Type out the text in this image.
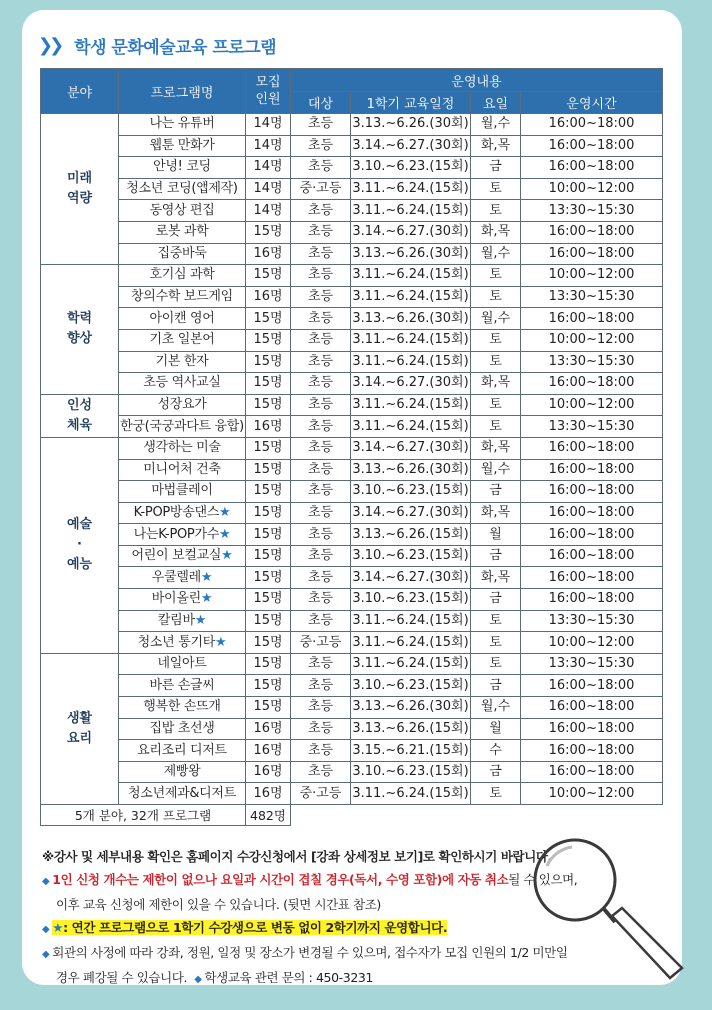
❯❯ 학생 문화예술교육 프로그램
분야	프로그램명	모집
인원	운영내용			
			대상	1학기 교육일정	요일	운영시간
미래
역량	나는 유튜버	14명	초등	3.13.~6.26.(30회)	월,수	16:00~18:00
	웹툰 만화가	14명	초등	3.14.~6.27.(30회)	화,목	16:00~18:00
	안녕! 코딩	14명	초등	3.10.~6.23.(15회)	금	16:00~18:00
	청소년 코딩(앱제작)	14명	중·고등	3.11.~6.24.(15회)	토	10:00~12:00
	동영상 편집	14명	초등	3.11.~6.24.(15회)	토	13:30~15:30
	로봇 과학	15명	초등	3.14.~6.27.(30회)	화,목	16:00~18:00
	집중바둑	16명	초등	3.13.~6.26.(30회)	월,수	16:00~18:00
학력
향상	호기심 과학	15명	초등	3.11.~6.24.(15회)	토	10:00~12:00
	창의수학 보드게임	16명	초등	3.11.~6.24.(15회)	토	13:30~15:30
	아이캔 영어	15명	초등	3.13.~6.26.(30회)	월,수	16:00~18:00
	기초 일본어	15명	초등	3.11.~6.24.(15회)	토	10:00~12:00
	기본 한자	15명	초등	3.11.~6.24.(15회)	토	13:30~15:30
	초등 역사교실	15명	초등	3.14.~6.27.(30회)	화,목	16:00~18:00
인성
체육	성장요가	15명	초등	3.11.~6.24.(15회)	토	10:00~12:00
	한궁(국궁과다트 융합)	16명	초등	3.11.~6.24.(15회)	토	13:30~15:30
예술
·
예능	생각하는 미술	15명	초등	3.14.~6.27.(30회)	화,목	16:00~18:00
	미니어처 건축	15명	초등	3.13.~6.26.(30회)	월,수	16:00~18:00
	마법클레이	15명	초등	3.10.~6.23.(15회)	금	16:00~18:00
	K-POP방송댄스★	15명	초등	3.14.~6.27.(30회)	화,목	16:00~18:00
	나는K-POP가수★	15명	초등	3.13.~6.26.(15회)	월	16:00~18:00
	어린이 보컬교실★	15명	초등	3.10.~6.23.(15회)	금	16:00~18:00
	우쿨렐레★	15명	초등	3.14.~6.27.(30회)	화,목	16:00~18:00
	바이올린★	15명	초등	3.10.~6.23.(15회)	금	16:00~18:00
	칼림바★	15명	초등	3.11.~6.24.(15회)	토	13:30~15:30
	청소년 통기타★	15명	중·고등	3.11.~6.24.(15회)	토	10:00~12:00
생활
요리	네일아트	15명	초등	3.11.~6.24.(15회)	토	13:30~15:30
	바른 손글씨	15명	초등	3.10.~6.23.(15회)	금	16:00~18:00
	행복한 손뜨개	15명	초등	3.13.~6.26.(30회)	월,수	16:00~18:00
	집밥 초선생	16명	초등	3.13.~6.26.(15회)	월	16:00~18:00
	요리조리 디저트	16명	초등	3.15.~6.21.(15회)	수	16:00~18:00
	제빵왕	16명	초등	3.10.~6.23.(15회)	금	16:00~18:00
	청소년제과&디저트	16명	중·고등	3.11.~6.24.(15회)	토	10:00~12:00
5개 분야, 32개 프로그램		482명				
※강사 및 세부내용 확인은 홈페이지 수강신청에서 [강좌 상세정보 보기]로 확인하시기 바랍니다.
◆ 1인 신청 개수는 제한이 없으나 요일과 시간이 겹칠 경우(독서, 수영 포함)에 자동 취소될 수 있으며,
이후 교육 신청에 제한이 있을 수 있습니다. (뒷면 시간표 참조)
◆ ★: 연간 프로그램으로 1학기 수강생으로 변동 없이 2학기까지 운영합니다.
◆ 회관의 사정에 따라 강좌, 정원, 일정 및 장소가 변경될 수 있으며, 접수자가 모집 인원의 1/2 미만일
경우 폐강될 수 있습니다. ◆ 학생교육 관련 문의 : 450-3231
